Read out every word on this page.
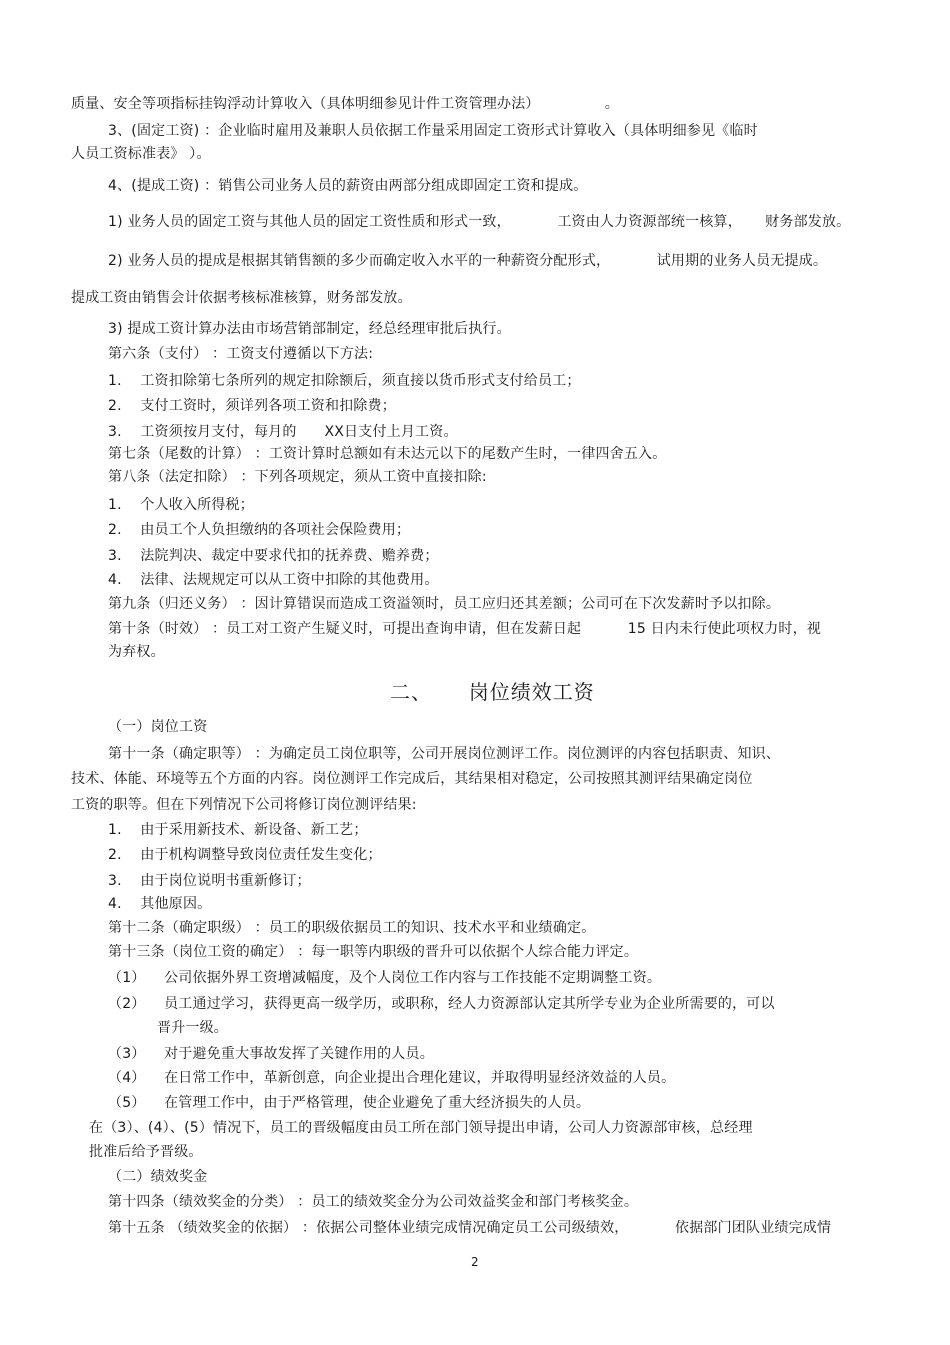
质量、安全等项指标挂钩浮动计算收入（具体明细参见计件工资管理办法）              。
3、(固定工资) ：企业临时雇用及兼职人员依据工作量采用固定工资形式计算收入（具体明细参见《临时
人员工资标准表》 ）。
4、(提成工资) ：销售公司业务人员的薪资由两部分组成即固定工资和提成。
1) 业务人员的固定工资与其他人员的固定工资性质和形式一致，          工资由人力资源部统一核算，     财务部发放。
2) 业务人员的提成是根据其销售额的多少而确定收入水平的一种薪资分配形式，          试用期的业务人员无提成。
提成工资由销售会计依据考核标准核算，财务部发放。
3) 提成工资计算办法由市场营销部制定，经总经理审批后执行。
第六条（支付） ：工资支付遵循以下方法:
1.    工资扣除第七条所列的规定扣除额后，须直接以货币形式支付给员工；
2.    支付工资时，须详列各项工资和扣除费；
3.    工资须按月支付，每月的      XX日支付上月工资。
第七条（尾数的计算） ：工资计算时总额如有未达元以下的尾数产生时，一律四舍五入。
第八条（法定扣除） ：下列各项规定，须从工资中直接扣除:
1.    个人收入所得税；
2.    由员工个人负担缴纳的各项社会保险费用；
3.    法院判决、裁定中要求代扣的抚养费、赡养费；
4.    法律、法规规定可以从工资中扣除的其他费用。
第九条（归还义务） ：因计算错误而造成工资溢领时，员工应归还其差额；公司可在下次发薪时予以扣除。
第十条（时效） ：员工对工资产生疑义时，可提出查询申请，但在发薪日起          15 日内未行使此项权力时，视
为弃权。
二、     岗位绩效工资
（一）岗位工资
第十一条（确定职等） ：为确定员工岗位职等，公司开展岗位测评工作。岗位测评的内容包括职责、知识、
技术、体能、环境等五个方面的内容。岗位测评工作完成后，其结果相对稳定，公司按照其测评结果确定岗位
工资的职等。但在下列情况下公司将修订岗位测评结果:
1.    由于采用新技术、新设备、新工艺；
2.    由于机构调整导致岗位责任发生变化；
3.    由于岗位说明书重新修订；
4.    其他原因。
第十二条（确定职级） ：员工的职级依据员工的知识、技术水平和业绩确定。
第十三条（岗位工资的确定） ：每一职等内职级的晋升可以依据个人综合能力评定。
（1）    公司依据外界工资增减幅度，及个人岗位工作内容与工作技能不定期调整工资。
（2）    员工通过学习，获得更高一级学历，或职称，经人力资源部认定其所学专业为企业所需要的，可以
晋升一级。
（3）    对于避免重大事故发挥了关键作用的人员。
（4）    在日常工作中，革新创意，向企业提出合理化建议，并取得明显经济效益的人员。
（5）    在管理工作中，由于严格管理，使企业避免了重大经济损失的人员。
在（3）、(4）、(5）情况下，员工的晋级幅度由员工所在部门领导提出申请，公司人力资源部审核，总经理
批准后给予晋级。
（二）绩效奖金
第十四条（绩效奖金的分类） ：员工的绩效奖金分为公司效益奖金和部门考核奖金。
第十五条 （绩效奖金的依据） ：依据公司整体业绩完成情况确定员工公司级绩效，          依据部门团队业绩完成情
2
